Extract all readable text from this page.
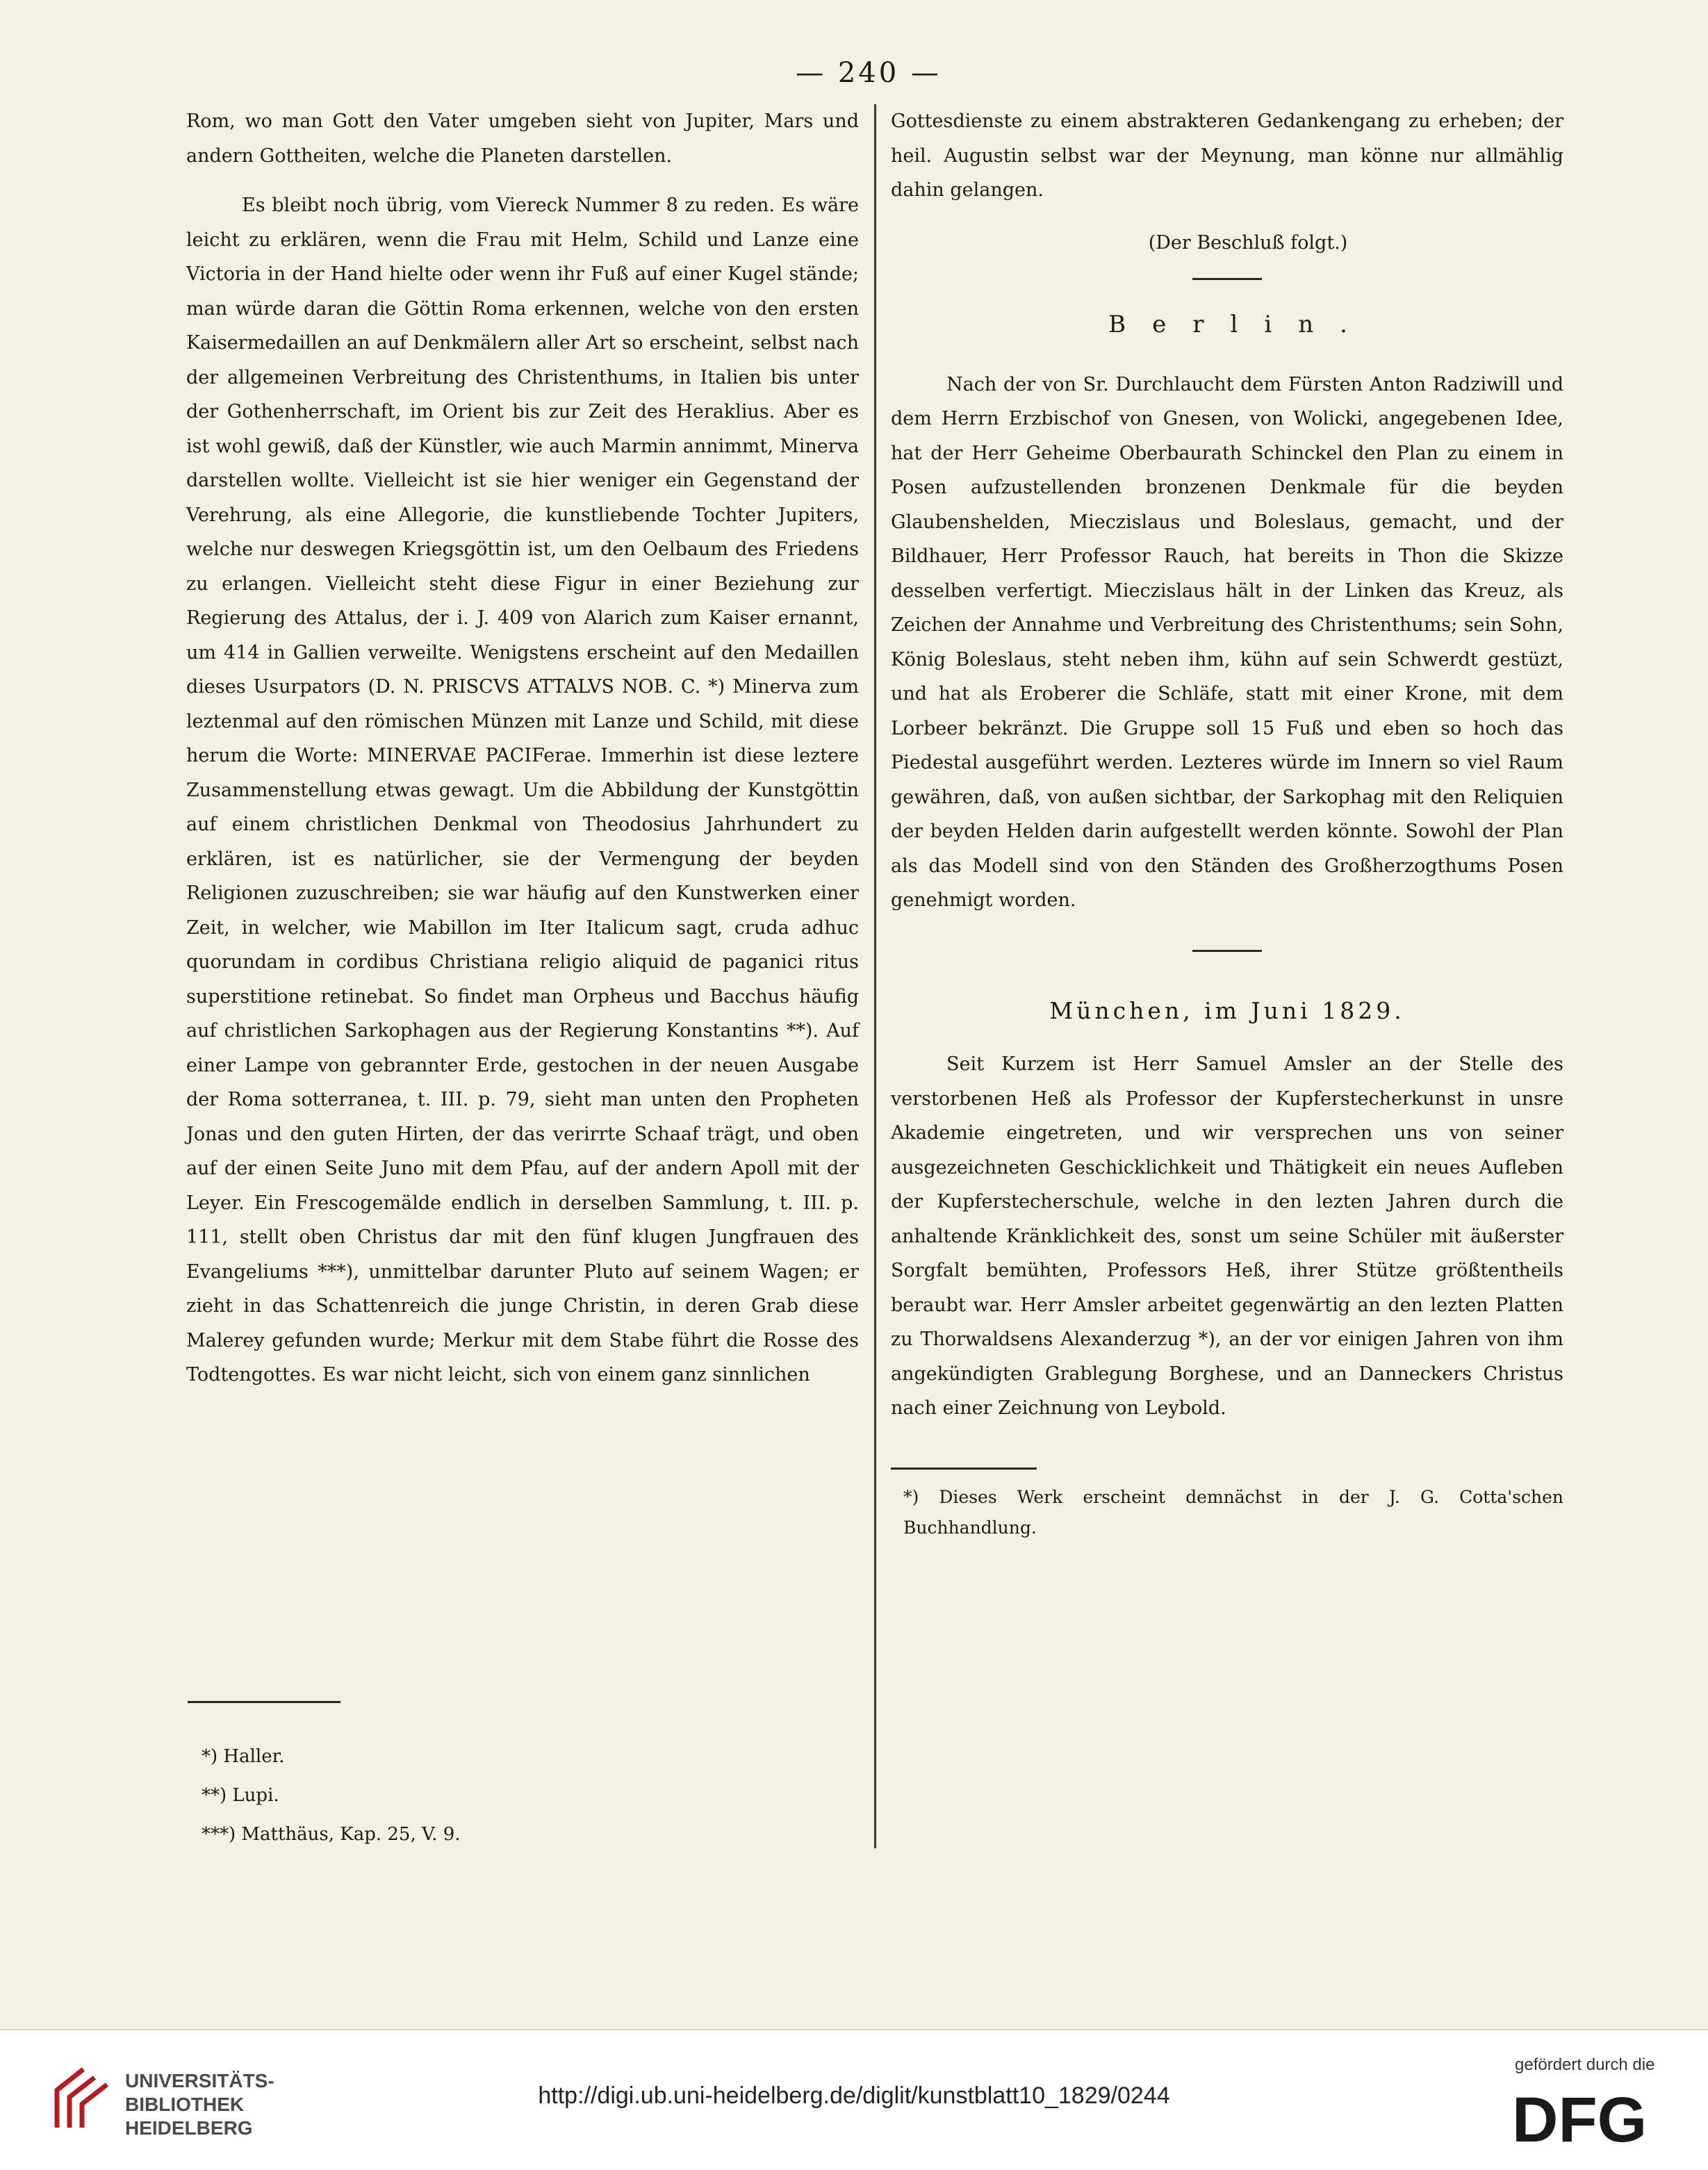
— 240 —

Rom, wo man Gott den Vater umgeben sieht von Jupiter, Mars und andern Gottheiten, welche die Planeten darstellen.

Es bleibt noch übrig, vom Viereck Nummer 8 zu reden. Es wäre leicht zu erklären, wenn die Frau mit Helm, Schild und Lanze eine Victoria in der Hand hielte oder wenn ihr Fuß auf einer Kugel stände; man würde daran die Göttin Roma erkennen, welche von den ersten Kaisermedaillen an auf Denkmälern aller Art so erscheint, selbst nach der allgemeinen Verbreitung des Christenthums, in Italien bis unter der Gothenherrschaft, im Orient bis zur Zeit des Heraklius. Aber es ist wohl gewiß, daß der Künstler, wie auch Marmin annimmt, Minerva darstellen wollte. Vielleicht ist sie hier weniger ein Gegenstand der Verehrung, als eine Allegorie, die kunstliebende Tochter Jupiters, welche nur deswegen Kriegsgöttin ist, um den Oelbaum des Friedens zu erlangen. Vielleicht steht diese Figur in einer Beziehung zur Regierung des Attalus, der i. J. 409 von Alarich zum Kaiser ernannt, um 414 in Gallien verweilte. Wenigstens erscheint auf den Medaillen dieses Usurpators (D. N. PRISCVS ATTALVS NOB. C. *) Minerva zum leztenmal auf den römischen Münzen mit Lanze und Schild, mit diese herum die Worte: MINERVAE PACIFerae. Immerhin ist diese leztere Zusammenstellung etwas gewagt. Um die Abbildung der Kunstgöttin auf einem christlichen Denkmal von Theodosius Jahrhundert zu erklären, ist es natürlicher, sie der Vermengung der beyden Religionen zuzuschreiben; sie war häufig auf den Kunstwerken einer Zeit, in welcher, wie Mabillon im Iter Italicum sagt, cruda adhuc quorundam in cordibus Christiana religio aliquid de paganici ritus superstitione retinebat. So findet man Orpheus und Bacchus häufig auf christlichen Sarkophagen aus der Regierung Konstantins **). Auf einer Lampe von gebrannter Erde, gestochen in der neuen Ausgabe der Roma sotterranea, t. III. p. 79, sieht man unten den Propheten Jonas und den guten Hirten, der das verirrte Schaaf trägt, und oben auf der einen Seite Juno mit dem Pfau, auf der andern Apoll mit der Leyer. Ein Frescogemälde endlich in derselben Sammlung, t. III. p. 111, stellt oben Christus dar mit den fünf klugen Jungfrauen des Evangeliums ***), unmittelbar darunter Pluto auf seinem Wagen; er zieht in das Schattenreich die junge Christin, in deren Grab diese Malerey gefunden wurde; Merkur mit dem Stabe führt die Rosse des Todtengottes. Es war nicht leicht, sich von einem ganz sinnlichen

*) Haller.
**) Lupi.
***) Matthäus, Kap. 25, V. 9.

Gottesdienste zu einem abstrakteren Gedankengang zu erheben; der heil. Augustin selbst war der Meynung, man könne nur allmählig dahin gelangen.

(Der Beschluß folgt.)

Berlin.

Nach der von Sr. Durchlaucht dem Fürsten Anton Radziwill und dem Herrn Erzbischof von Gnesen, von Wolicki, angegebenen Idee, hat der Herr Geheime Oberbaurath Schinckel den Plan zu einem in Posen aufzustellenden bronzenen Denkmale für die beyden Glaubenshelden, Mieczislaus und Boleslaus, gemacht, und der Bildhauer, Herr Professor Rauch, hat bereits in Thon die Skizze desselben verfertigt. Mieczislaus hält in der Linken das Kreuz, als Zeichen der Annahme und Verbreitung des Christenthums; sein Sohn, König Boleslaus, steht neben ihm, kühn auf sein Schwerdt gestüzt, und hat als Eroberer die Schläfe, statt mit einer Krone, mit dem Lorbeer bekränzt. Die Gruppe soll 15 Fuß und eben so hoch das Piedestal ausgeführt werden. Lezteres würde im Innern so viel Raum gewähren, daß, von außen sichtbar, der Sarkophag mit den Reliquien der beyden Helden darin aufgestellt werden könnte. Sowohl der Plan als das Modell sind von den Ständen des Großherzogthums Posen genehmigt worden.

München, im Juni 1829.

Seit Kurzem ist Herr Samuel Amsler an der Stelle des verstorbenen Heß als Professor der Kupferstecherkunst in unsre Akademie eingetreten, und wir versprechen uns von seiner ausgezeichneten Geschicklichkeit und Thätigkeit ein neues Aufleben der Kupferstecherschule, welche in den lezten Jahren durch die anhaltende Kränklichkeit des, sonst um seine Schüler mit äußerster Sorgfalt bemühten, Professors Heß, ihrer Stütze größtentheils beraubt war. Herr Amsler arbeitet gegenwärtig an den lezten Platten zu Thorwaldsens Alexanderzug *), an der vor einigen Jahren von ihm angekündigten Grablegung Borghese, und an Danneckers Christus nach einer Zeichnung von Leybold.

*) Dieses Werk erscheint demnächst in der J. G. Cotta'schen Buchhandlung.

UNIVERSITÄTS-
BIBLIOTHEK
HEIDELBERG
http://digi.ub.uni-heidelberg.de/diglit/kunstblatt10_1829/0244
gefördert durch die
DFG
